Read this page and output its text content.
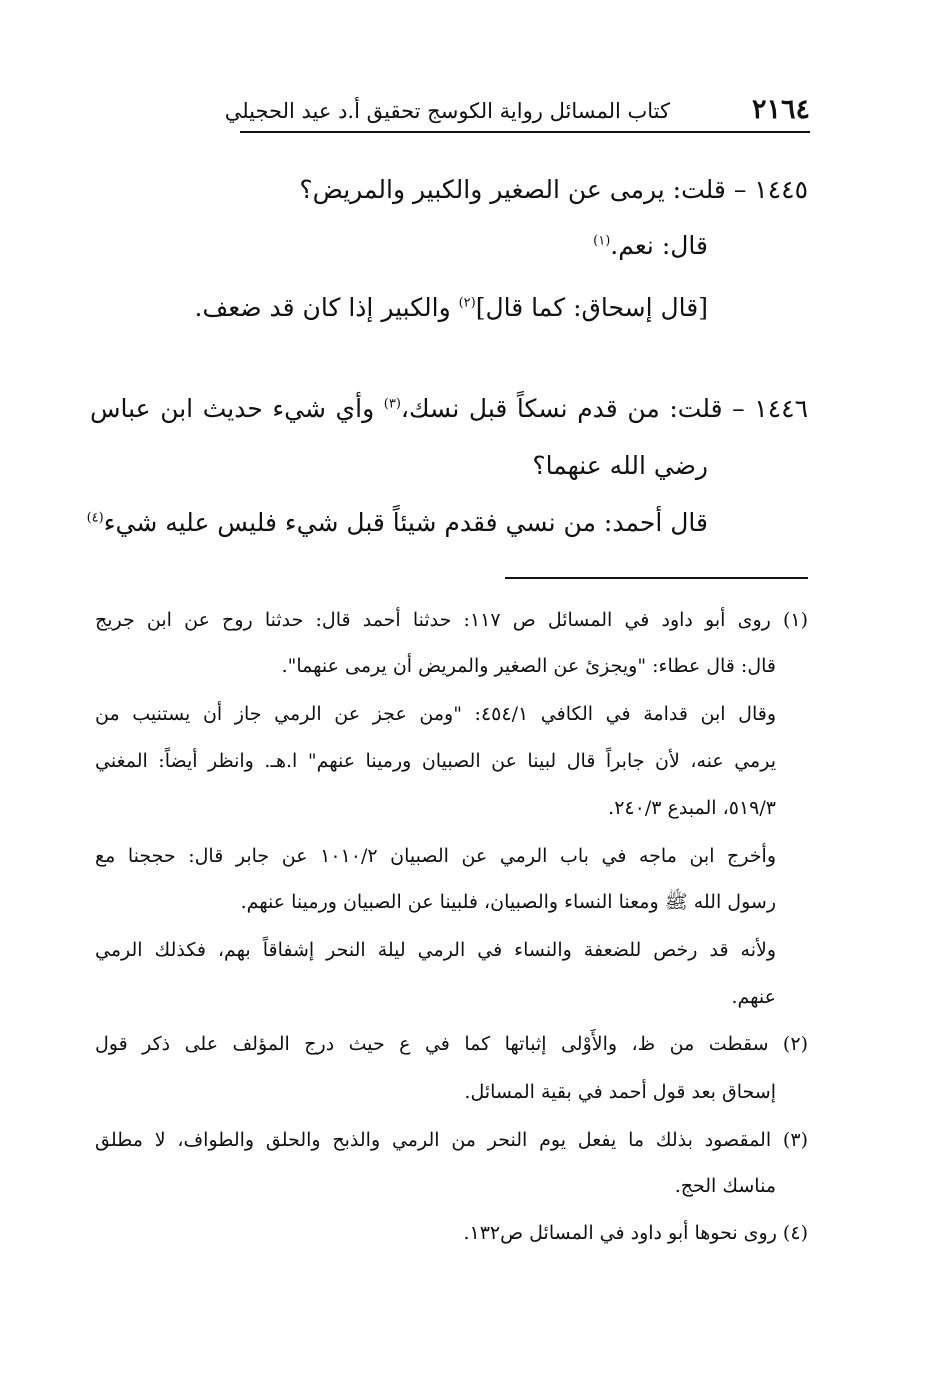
٢١٦٤
كتاب المسائل رواية الكوسج تحقيق أ.د عيد الحجيلي
١٤٤٥ – قلت: يرمى عن الصغير والكبير والمريض؟
قال: نعم.$^{(١)}$
[قال إسحاق: كما قال]$^{(٢)}$ والكبير إذا كان قد ضعف.
١٤٤٦ – قلت: من قدم نسكاً قبل نسك،$^{(٣)}$ وأي شيء حديث ابن عباس
رضي الله عنهما؟
قال أحمد: من نسي فقدم شيئاً قبل شيء فليس عليه شيء$^{(٤)}$
(١) روى أبو داود في المسائل ص ١١٧: حدثنا أحمد قال: حدثنا روح عن ابن جريج
قال: قال عطاء: "ويجزئ عن الصغير والمريض أن يرمى عنهما".
وقال ابن قدامة في الكافي ٤٥٤/١: "ومن عجز عن الرمي جاز أن يستنيب من
يرمي عنه، لأن جابراً قال لبينا عن الصبيان ورمينا عنهم" ا.هـ. وانظر أيضاً: المغني
٥١٩/٣، المبدع ٢٤٠/٣.
وأخرج ابن ماجه في باب الرمي عن الصبيان ١٠١٠/٢ عن جابر قال: حججنا مع
رسول الله ﷺ ومعنا النساء والصبيان، فلبينا عن الصبيان ورمينا عنهم.
ولأنه قد رخص للضعفة والنساء في الرمي ليلة النحر إشفاقاً بهم، فكذلك الرمي
عنهم.
(٢) سقطت من ظ، والأَوْلى إثباتها كما في ع حيث درج المؤلف على ذكر قول
إسحاق بعد قول أحمد في بقية المسائل.
(٣) المقصود بذلك ما يفعل يوم النحر من الرمي والذبح والحلق والطواف، لا مطلق
مناسك الحج.
(٤) روى نحوها أبو داود في المسائل ص١٣٢.
